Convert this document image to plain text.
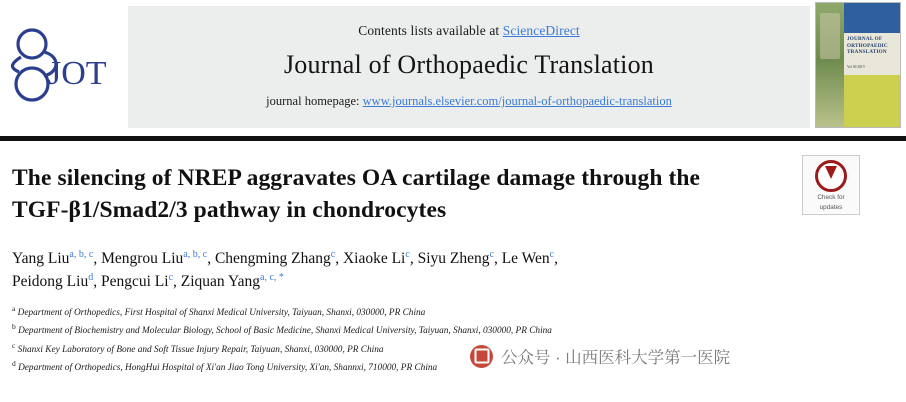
JOT
Contents lists available at ScienceDirect
Journal of Orthopaedic Translation
journal homepage: www.journals.elsevier.com/journal-of-orthopaedic-translation
JOURNAL OF ORTHOPAEDIC TRANSLATION
Vol 00 2019
Check for
updates
The silencing of NREP aggravates OA cartilage damage through the
TGF-β1/Smad2/3 pathway in chondrocytes
Yang Liu$^{a, b, c}$, Mengrou Liu$^{a, b, c}$, Chengming Zhang$^c$, Xiaoke Li$^c$, Siyu Zheng$^c$, Le Wen$^c$,
Peidong Liu$^d$, Pengcui Li$^c$, Ziquan Yang$^{a, c, *}$
$^a$ Department of Orthopedics, First Hospital of Shanxi Medical University, Taiyuan, Shanxi, 030000, PR China
$^b$ Department of Biochemistry and Molecular Biology, School of Basic Medicine, Shanxi Medical University, Taiyuan, Shanxi, 030000, PR China
$^c$ Shanxi Key Laboratory of Bone and Soft Tissue Injury Repair, Taiyuan, Shanxi, 030000, PR China
$^d$ Department of Orthopedics, HongHui Hospital of Xi'an Jiao Tong University, Xi'an, Shannxi, 710000, PR China
公众号 · 山西医科大学第一医院
